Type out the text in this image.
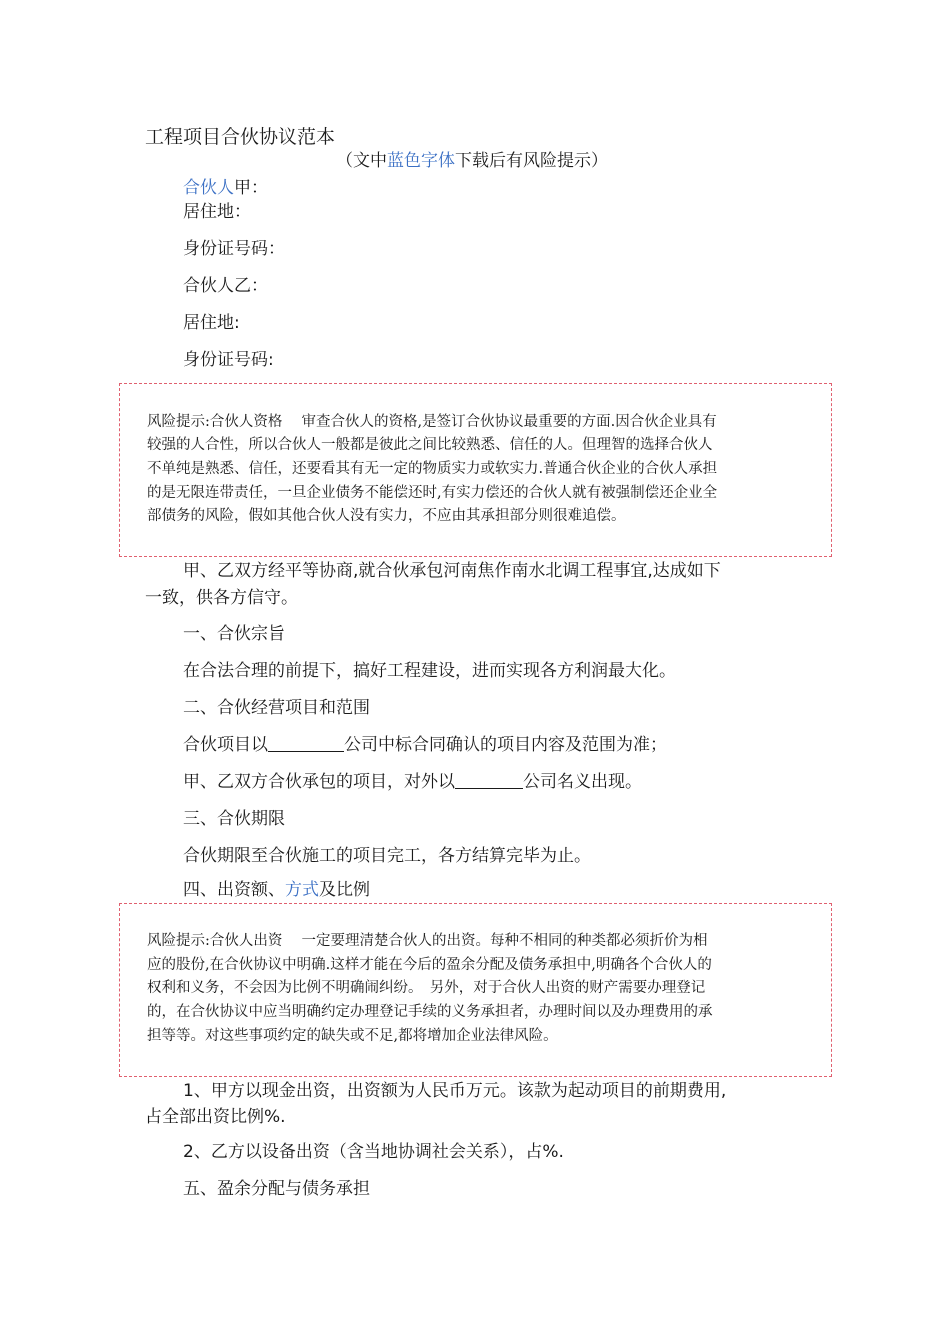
工程项目合伙协议范本
（文中蓝色字体下载后有风险提示）
合伙人甲：
居住地：
身份证号码：
合伙人乙：
居住地:
身份证号码:
风险提示:合伙人资格　 审查合伙人的资格,是签订合伙协议最重要的方面.因合伙企业具有
较强的人合性，所以合伙人一般都是彼此之间比较熟悉、信任的人。但理智的选择合伙人
不单纯是熟悉、信任，还要看其有无一定的物质实力或软实力.普通合伙企业的合伙人承担
的是无限连带责任，一旦企业债务不能偿还时,有实力偿还的合伙人就有被强制偿还企业全
部债务的风险，假如其他合伙人没有实力，不应由其承担部分则很难追偿。
甲、乙双方经平等协商,就合伙承包河南焦作南水北调工程事宜,达成如下
一致，供各方信守。
一、合伙宗旨
在合法合理的前提下，搞好工程建设，进而实现各方利润最大化。
二、合伙经营项目和范围
合伙项目以	公司中标合同确认的项目内容及范围为准；
甲、乙双方合伙承包的项目，对外以	公司名义出现。
三、合伙期限
合伙期限至合伙施工的项目完工，各方结算完毕为止。
四、出资额、方式及比例
风险提示:合伙人出资　 一定要理清楚合伙人的出资。每种不相同的种类都必须折价为相
应的股份,在合伙协议中明确.这样才能在今后的盈余分配及债务承担中,明确各个合伙人的
权利和义务，不会因为比例不明确闹纠纷。　另外，对于合伙人出资的财产需要办理登记
的，在合伙协议中应当明确约定办理登记手续的义务承担者，办理时间以及办理费用的承
担等等。对这些事项约定的缺失或不足,都将增加企业法律风险。
1、甲方以现金出资，出资额为人民币万元。该款为起动项目的前期费用,
占全部出资比例%.
2、乙方以设备出资（含当地协调社会关系），占%.
五、盈余分配与债务承担
